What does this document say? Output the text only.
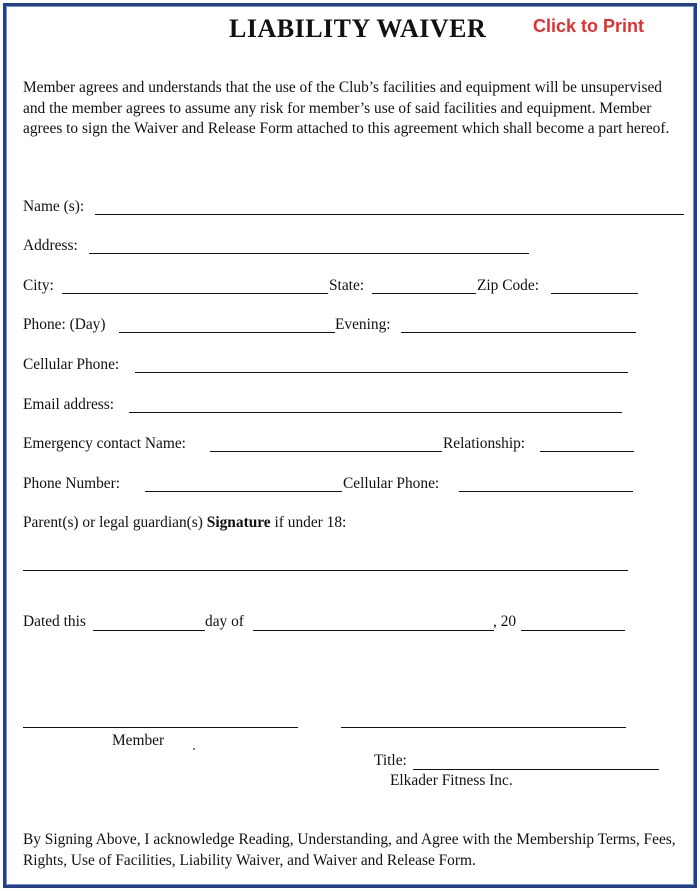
LIABILITY WAIVER	Click to Print

Member agrees and understands that the use of the Club’s facilities and equipment will be unsupervised and the member agrees to assume any risk for member’s use of said facilities and equipment. Member agrees to sign the Waiver and Release Form attached to this agreement which shall become a part hereof.

Name (s):
Address:
City:	State:	Zip Code:
Phone: (Day)	Evening:
Cellular Phone:
Email address:
Emergency contact Name:	Relationship:
Phone Number:	Cellular Phone:
Parent(s) or legal guardian(s) Signature if under 18:
Dated this	day of	, 20
Member
Title:
Elkader Fitness Inc.

By Signing Above, I acknowledge Reading, Understanding, and Agree with the Membership Terms, Fees, Rights, Use of Facilities, Liability Waiver, and Waiver and Release Form.
